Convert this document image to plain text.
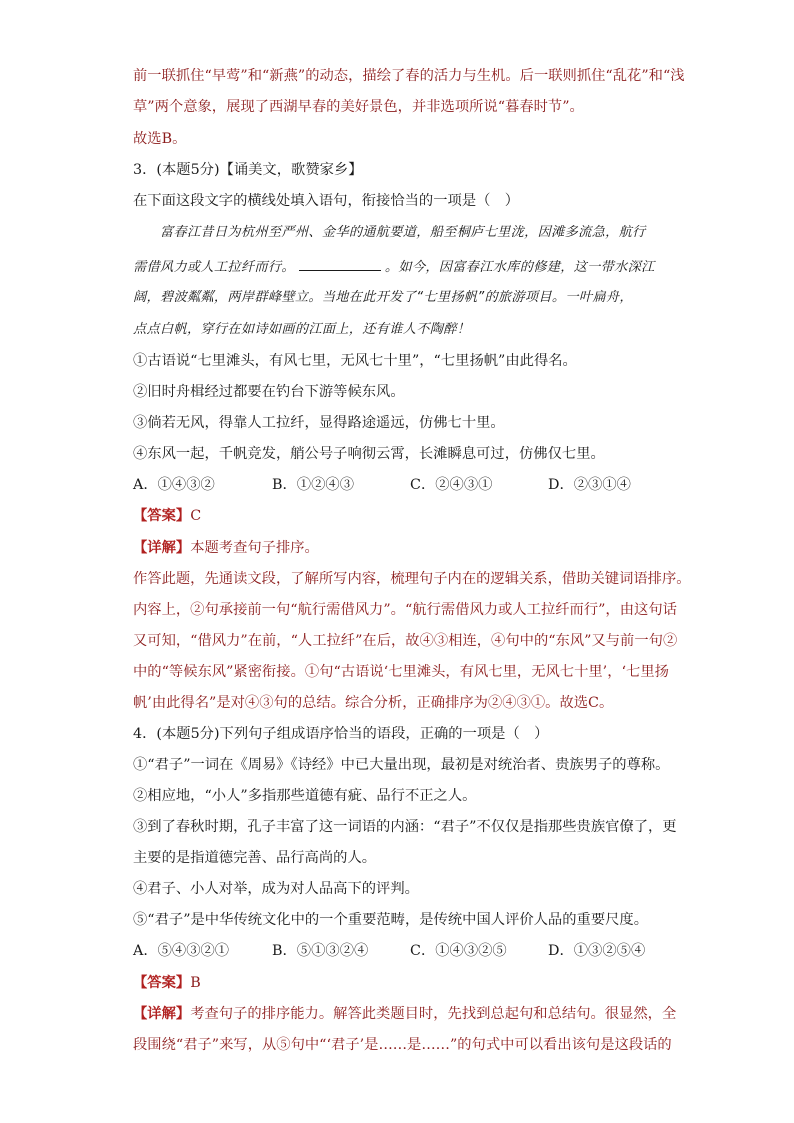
前一联抓住“早莺”和“新燕”的动态，描绘了春的活力与生机。后一联则抓住“乱花”和“浅
草”两个意象，展现了西湖早春的美好景色，并非选项所说“暮春时节”。
故选B。
3．(本题5分)【诵美文，歌赞家乡】
在下面这段文字的横线处填入语句，衔接恰当的一项是（　）
富春江昔日为杭州至严州、金华的通航要道，船至桐庐七里泷，因滩多流急，航行
需借风力或人工拉纤而行。	。如今，因富春江水库的修建，这一带水深江
阔，碧波粼粼，两岸群峰壁立。当地在此开发了“七里扬帆”的旅游项目。一叶扁舟，
点点白帆，穿行在如诗如画的江面上，还有谁人不陶醉！
①古语说“七里滩头，有风七里，无风七十里”，“七里扬帆”由此得名。
②旧时舟楫经过都要在钓台下游等候东风。
③倘若无风，得靠人工拉纤，显得路途遥远，仿佛七十里。
④东风一起，千帆竞发，艄公号子响彻云霄，长滩瞬息可过，仿佛仅七里。
A．①④③②	B．①②④③	C．②④③①	D．②③①④
【答案】C
【详解】本题考查句子排序。
作答此题，先通读文段，了解所写内容，梳理句子内在的逻辑关系，借助关键词语排序。
内容上，②句承接前一句“航行需借风力”。“航行需借风力或人工拉纤而行”，由这句话
又可知，“借风力”在前，“人工拉纤”在后，故④③相连，④句中的“东风”又与前一句②
中的“等候东风”紧密衔接。①句“古语说‘七里滩头，有风七里，无风七十里’，‘七里扬
帆’由此得名”是对④③句的总结。综合分析，正确排序为②④③①。故选C。
4．(本题5分)下列句子组成语序恰当的语段，正确的一项是（　）
①“君子”一词在《周易》《诗经》中已大量出现，最初是对统治者、贵族男子的尊称。
②相应地，“小人”多指那些道德有疵、品行不正之人。
③到了春秋时期，孔子丰富了这一词语的内涵：“君子”不仅仅是指那些贵族官僚了，更
主要的是指道德完善、品行高尚的人。
④君子、小人对举，成为对人品高下的评判。
⑤“君子”是中华传统文化中的一个重要范畴，是传统中国人评价人品的重要尺度。
A．⑤④③②①	B．⑤①③②④	C．①④③②⑤	D．①③②⑤④
【答案】B
【详解】考查句子的排序能力。解答此类题目时，先找到总起句和总结句。很显然，全
段围绕“君子”来写，从⑤句中“‘君子’是……是……”的句式中可以看出该句是这段话的
